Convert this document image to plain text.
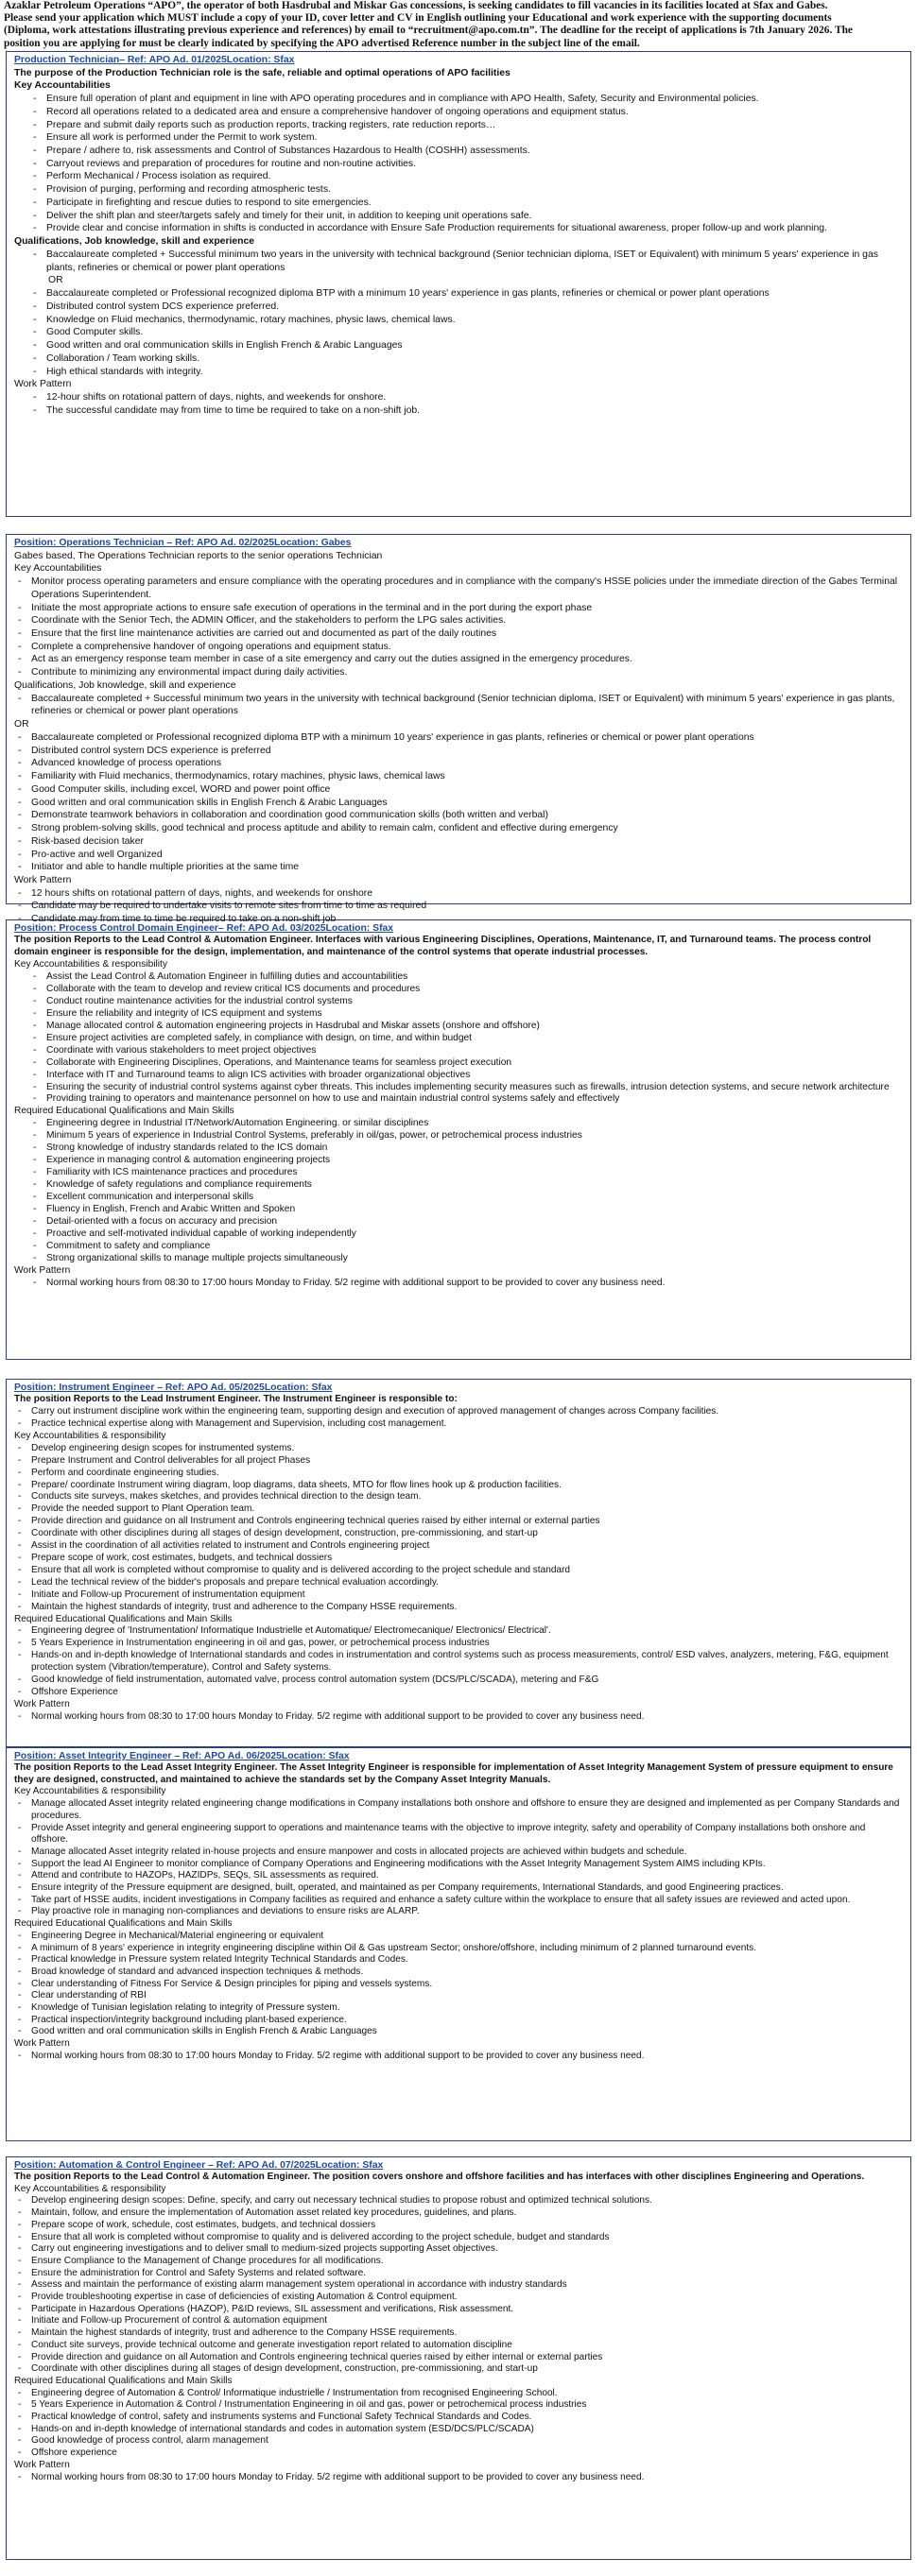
Azaklar Petroleum Operations “APO”, the operator of both Hasdrubal and Miskar Gas concessions, is seeking candidates to fill vacancies in its facilities located at Sfax and Gabes.

Please send your application which MUST include a copy of your ID, cover letter and CV in English outlining your Educational and work experience with the supporting documents

(Diploma, work attestations illustrating previous experience and references) by email to “recruitment@apo.com.tn”. The deadline for the receipt of applications is 7th January 2026. The

position you are applying for must be clearly indicated by specifying the APO advertised Reference number in the subject line of the email.

Production Technician– Ref: APO Ad. 01/2025Location: Sfax

The purpose of the Production Technician role is the safe, reliable and optimal operations of APO facilities

Key Accountabilities

- Ensure full operation of plant and equipment in line with APO operating procedures and in compliance with APO Health, Safety, Security and Environmental policies.
- Record all operations related to a dedicated area and ensure a comprehensive handover of ongoing operations and equipment status.
- Prepare and submit daily reports such as production reports, tracking registers, rate reduction reports…
- Ensure all work is performed under the Permit to work system.
- Prepare / adhere to, risk assessments and Control of Substances Hazardous to Health (COSHH) assessments.
- Carryout reviews and preparation of procedures for routine and non-routine activities.
- Perform Mechanical / Process isolation as required.
- Provision of purging, performing and recording atmospheric tests.
- Participate in firefighting and rescue duties to respond to site emergencies.
- Deliver the shift plan and steer/targets safely and timely for their unit, in addition to keeping unit operations safe.
- Provide clear and concise information in shifts is conducted in accordance with Ensure Safe Production requirements for situational awareness, proper follow-up and work planning.

Qualifications, Job knowledge, skill and experience

- Baccalaureate completed + Successful minimum two years in the university with technical background (Senior technician diploma, ISET or Equivalent) with minimum 5 years' experience in gas plants, refineries or chemical or power plant operations

OR

- Baccalaureate completed or Professional recognized diploma BTP with a minimum 10 years' experience in gas plants, refineries or chemical or power plant operations
- Distributed control system DCS experience preferred.
- Knowledge on Fluid mechanics, thermodynamic, rotary machines, physic laws, chemical laws.
- Good Computer skills.
- Good written and oral communication skills in English French & Arabic Languages
- Collaboration / Team working skills.
- High ethical standards with integrity.

Work Pattern

- 12-hour shifts on rotational pattern of days, nights, and weekends for onshore.
- The successful candidate may from time to time be required to take on a non-shift job.
Position: Operations Technician – Ref: APO Ad. 02/2025Location: Gabes

Gabes based, The Operations Technician reports to the senior operations Technician

Key Accountabilities

- Monitor process operating parameters and ensure compliance with the operating procedures and in compliance with the company's HSSE policies under the immediate direction of the Gabes Terminal Operations Superintendent.
- Initiate the most appropriate actions to ensure safe execution of operations in the terminal and in the port during the export phase
- Coordinate with the Senior Tech, the ADMIN Officer, and the stakeholders to perform the LPG sales activities.
- Ensure that the first line maintenance activities are carried out and documented as part of the daily routines
- Complete a comprehensive handover of ongoing operations and equipment status.
- Act as an emergency response team member in case of a site emergency and carry out the duties assigned in the emergency procedures.
- Contribute to minimizing any environmental impact during daily activities.

Qualifications, Job knowledge, skill and experience

- Baccalaureate completed + Successful minimum two years in the university with technical background (Senior technician diploma, ISET or Equivalent) with minimum 5 years' experience in gas plants, refineries or chemical or power plant operations

OR

- Baccalaureate completed or Professional recognized diploma BTP with a minimum 10 years' experience in gas plants, refineries or chemical or power plant operations
- Distributed control system DCS experience is preferred
- Advanced knowledge of process operations
- Familiarity with Fluid mechanics, thermodynamics, rotary machines, physic laws, chemical laws
- Good Computer skills, including excel, WORD and power point office
- Good written and oral communication skills in English French & Arabic Languages
- Demonstrate teamwork behaviors in collaboration and coordination good communication skills (both written and verbal)
- Strong problem-solving skills, good technical and process aptitude and ability to remain calm, confident and effective during emergency
- Risk-based decision taker
- Pro-active and well Organized
- Initiator and able to handle multiple priorities at the same time

Work Pattern

- 12 hours shifts on rotational pattern of days, nights, and weekends for onshore
- Candidate may be required to undertake visits to remote sites from time to time as required
- Candidate may from time to time be required to take on a non-shift job
Position: Process Control Domain Engineer– Ref: APO Ad. 03/2025Location: Sfax

The position Reports to the Lead Control & Automation Engineer. Interfaces with various Engineering Disciplines, Operations, Maintenance, IT, and Turnaround teams. The process control domain engineer is responsible for the design, implementation, and maintenance of the control systems that operate industrial processes.

Key Accountabilities & responsibility

- Assist the Lead Control & Automation Engineer in fulfilling duties and accountabilities
- Collaborate with the team to develop and review critical ICS documents and procedures
- Conduct routine maintenance activities for the industrial control systems
- Ensure the reliability and integrity of ICS equipment and systems
- Manage allocated control & automation engineering projects in Hasdrubal and Miskar assets (onshore and offshore)
- Ensure project activities are completed safely, in compliance with design, on time, and within budget
- Coordinate with various stakeholders to meet project objectives
- Collaborate with Engineering Disciplines, Operations, and Maintenance teams for seamless project execution
- Interface with IT and Turnaround teams to align ICS activities with broader organizational objectives
- Ensuring the security of industrial control systems against cyber threats. This includes implementing security measures such as firewalls, intrusion detection systems, and secure network architecture
- Providing training to operators and maintenance personnel on how to use and maintain industrial control systems safely and effectively

Required Educational Qualifications and Main Skills

- Engineering degree in Industrial IT/Network/Automation Engineering. or similar disciplines
- Minimum 5 years of experience in Industrial Control Systems, preferably in oil/gas, power, or petrochemical process industries
- Strong knowledge of industry standards related to the ICS domain
- Experience in managing control & automation engineering projects
- Familiarity with ICS maintenance practices and procedures
- Knowledge of safety regulations and compliance requirements
- Excellent communication and interpersonal skills
- Fluency in English, French and Arabic Written and Spoken
- Detail-oriented with a focus on accuracy and precision
- Proactive and self-motivated individual capable of working independently
- Commitment to safety and compliance
- Strong organizational skills to manage multiple projects simultaneously

Work Pattern

- Normal working hours from 08:30 to 17:00 hours Monday to Friday. 5/2 regime with additional support to be provided to cover any business need.
Position: Instrument Engineer – Ref: APO Ad. 05/2025Location: Sfax

The position Reports to the Lead Instrument Engineer. The Instrument Engineer is responsible to:

- Carry out instrument discipline work within the engineering team, supporting design and execution of approved management of changes across Company facilities.
- Practice technical expertise along with Management and Supervision, including cost management.

Key Accountabilities & responsibility

- Develop engineering design scopes for instrumented systems.
- Prepare Instrument and Control deliverables for all project Phases
- Perform and coordinate engineering studies.
- Prepare/ coordinate Instrument wiring diagram, loop diagrams, data sheets, MTO for flow lines hook up & production facilities.
- Conducts site surveys, makes sketches, and provides technical direction to the design team.
- Provide the needed support to Plant Operation team.
- Provide direction and guidance on all Instrument and Controls engineering technical queries raised by either internal or external parties
- Coordinate with other disciplines during all stages of design development, construction, pre-commissioning, and start-up
- Assist in the coordination of all activities related to instrument and Controls engineering project
- Prepare scope of work, cost estimates, budgets, and technical dossiers
- Ensure that all work is completed without compromise to quality and is delivered according to the project schedule and standard
- Lead the technical review of the bidder's proposals and prepare technical evaluation accordingly.
- Initiate and Follow-up Procurement of instrumentation equipment
- Maintain the highest standards of integrity, trust and adherence to the Company HSSE requirements.

Required Educational Qualifications and Main Skills

- Engineering degree of 'Instrumentation/ Informatique Industrielle et Automatique/ Electromecanique/ Electronics/ Electrical'.
- 5 Years Experience in Instrumentation engineering in oil and gas, power, or petrochemical process industries
- Hands-on and in-depth knowledge of International standards and codes in instrumentation and control systems such as process measurements, control/ ESD valves, analyzers, metering, F&G, equipment protection system (Vibration/temperature), Control and Safety systems.
- Good knowledge of field instrumentation, automated valve, process control automation system (DCS/PLC/SCADA), metering and F&G
- Offshore Experience

Work Pattern

- Normal working hours from 08:30 to 17:00 hours Monday to Friday. 5/2 regime with additional support to be provided to cover any business need.
Position: Asset Integrity Engineer – Ref: APO Ad. 06/2025Location: Sfax

The position Reports to the Lead Asset Integrity Engineer. The Asset Integrity Engineer is responsible for implementation of Asset Integrity Management System of pressure equipment to ensure they are designed, constructed, and maintained to achieve the standards set by the Company Asset Integrity Manuals.

Key Accountabilities & responsibility

- Manage allocated Asset integrity related engineering change modifications in Company installations both onshore and offshore to ensure they are designed and implemented as per Company Standards and procedures.
- Provide Asset integrity and general engineering support to operations and maintenance teams with the objective to improve integrity, safety and operability of Company installations both onshore and offshore.
- Manage allocated Asset integrity related in-house projects and ensure manpower and costs in allocated projects are achieved within budgets and schedule.
- Support the lead AI Engineer to monitor compliance of Company Operations and Engineering modifications with the Asset Integrity Management System AIMS including KPIs.
- Attend and contribute to HAZOPs, HAZIDPs, SEQs, SIL assessments as required.
- Ensure integrity of the Pressure equipment are designed, built, operated, and maintained as per Company requirements, International Standards, and good Engineering practices.
- Take part of HSSE audits, incident investigations in Company facilities as required and enhance a safety culture within the workplace to ensure that all safety issues are reviewed and acted upon.
- Play proactive role in managing non-compliances and deviations to ensure risks are ALARP.

Required Educational Qualifications and Main Skills

- Engineering Degree in Mechanical/Material engineering or equivalent
- A minimum of 8 years' experience in integrity engineering discipline within Oil & Gas upstream Sector; onshore/offshore, including minimum of 2 planned turnaround events.
- Practical knowledge in Pressure system related Integrity Technical Standards and Codes.
- Broad knowledge of standard and advanced inspection techniques & methods.
- Clear understanding of Fitness For Service & Design principles for piping and vessels systems.
- Clear understanding of RBI
- Knowledge of Tunisian legislation relating to integrity of Pressure system.
- Practical inspection/integrity background including plant-based experience.
- Good written and oral communication skills in English French & Arabic Languages

Work Pattern

- Normal working hours from 08:30 to 17:00 hours Monday to Friday. 5/2 regime with additional support to be provided to cover any business need.
Position: Automation & Control Engineer – Ref: APO Ad. 07/2025Location: Sfax

The position Reports to the Lead Control & Automation Engineer. The position covers onshore and offshore facilities and has interfaces with other disciplines Engineering and Operations.

Key Accountabilities & responsibility

- Develop engineering design scopes: Define, specify, and carry out necessary technical studies to propose robust and optimized technical solutions.
- Maintain, follow, and ensure the implementation of Automation asset related key procedures, guidelines, and plans.
- Prepare scope of work, schedule, cost estimates, budgets, and technical dossiers
- Ensure that all work is completed without compromise to quality and is delivered according to the project schedule, budget and standards
- Carry out engineering investigations and to deliver small to medium-sized projects supporting Asset objectives.
- Ensure Compliance to the Management of Change procedures for all modifications.
- Ensure the administration for Control and Safety Systems and related software.
- Assess and maintain the performance of existing alarm management system operational in accordance with industry standards
- Provide troubleshooting expertise in case of deficiencies of existing Automation & Control equipment.
- Participate in Hazardous Operations (HAZOP), P&ID reviews, SIL assessment and verifications, Risk assessment.
- Initiate and Follow-up Procurement of control & automation equipment
- Maintain the highest standards of integrity, trust and adherence to the Company HSSE requirements.
- Conduct site surveys, provide technical outcome and generate investigation report related to automation discipline
- Provide direction and guidance on all Automation and Controls engineering technical queries raised by either internal or external parties
- Coordinate with other disciplines during all stages of design development, construction, pre-commissioning, and start-up

Required Educational Qualifications and Main Skills

- Engineering degree of Automation & Control/ Informatique industrielle / Instrumentation from recognised Engineering School.
- 5 Years Experience in Automation & Control / Instrumentation Engineering in oil and gas, power or petrochemical process industries
- Practical knowledge of control, safety and instruments systems and Functional Safety Technical Standards and Codes.
- Hands-on and in-depth knowledge of international standards and codes in automation system (ESD/DCS/PLC/SCADA)
- Good knowledge of process control, alarm management
- Offshore experience

Work Pattern

- Normal working hours from 08:30 to 17:00 hours Monday to Friday. 5/2 regime with additional support to be provided to cover any business need.
